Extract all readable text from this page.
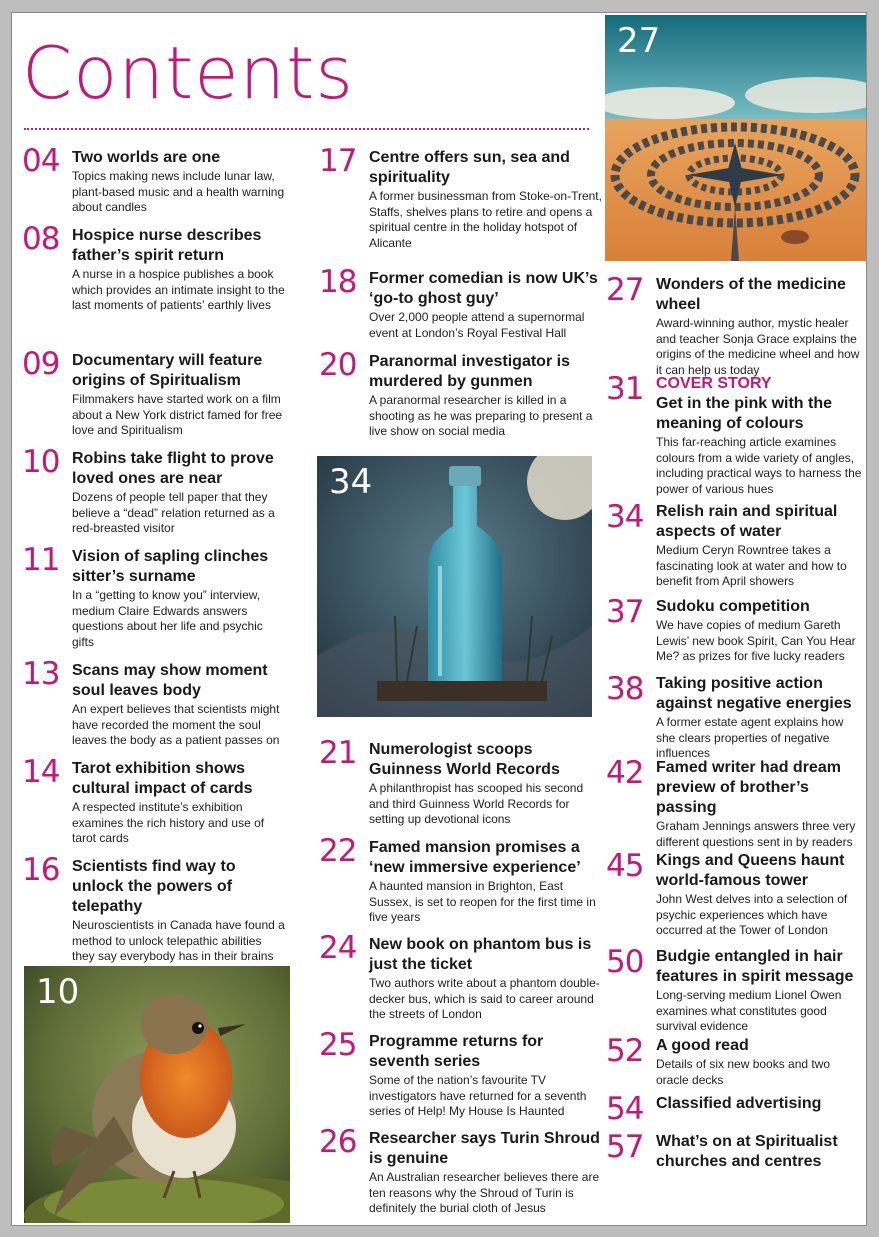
Contents
04 Two worlds are one
Topics making news include lunar law, plant-based music and a health warning about candles
08 Hospice nurse describes father’s spirit return
A nurse in a hospice publishes a book which provides an intimate insight to the last moments of patients’ earthly lives
09 Documentary will feature origins of Spiritualism
Filmmakers have started work on a film about a New York district famed for free love and Spiritualism
10 Robins take flight to prove loved ones are near
Dozens of people tell paper that they believe a “dead” relation returned as a red-breasted visitor
11 Vision of sapling clinches sitter’s surname
In a “getting to know you” interview, medium Claire Edwards answers questions about her life and psychic gifts
13 Scans may show moment soul leaves body
An expert believes that scientists might have recorded the moment the soul leaves the body as a patient passes on
14 Tarot exhibition shows cultural impact of cards
A respected institute’s exhibition examines the rich history and use of tarot cards
16 Scientists find way to unlock the powers of telepathy
Neuroscientists in Canada have found a method to unlock telepathic abilities they say everybody has in their brains
10
17 Centre offers sun, sea and spirituality
A former businessman from Stoke-on-Trent, Staffs, shelves plans to retire and opens a spiritual centre in the holiday hotspot of Alicante
18 Former comedian is now UK’s ‘go-to ghost guy’
Over 2,000 people attend a supernormal event at London’s Royal Festival Hall
20 Paranormal investigator is murdered by gunmen
A paranormal researcher is killed in a shooting as he was preparing to present a live show on social media
34
21 Numerologist scoops Guinness World Records
A philanthropist has scooped his second and third Guinness World Records for setting up devotional icons
22 Famed mansion promises a ‘new immersive experience’
A haunted mansion in Brighton, East Sussex, is set to reopen for the first time in five years
24 New book on phantom bus is just the ticket
Two authors write about a phantom double-decker bus, which is said to career around the streets of London
25 Programme returns for seventh series
Some of the nation’s favourite TV investigators have returned for a seventh series of Help! My House Is Haunted
26 Researcher says Turin Shroud is genuine
An Australian researcher believes there are ten reasons why the Shroud of Turin is definitely the burial cloth of Jesus
27
27 Wonders of the medicine wheel
Award-winning author, mystic healer and teacher Sonja Grace explains the origins of the medicine wheel and how it can help us today
31 COVER STORY
Get in the pink with the meaning of colours
This far-reaching article examines colours from a wide variety of angles, including practical ways to harness the power of various hues
34 Relish rain and spiritual aspects of water
Medium Ceryn Rowntree takes a fascinating look at water and how to benefit from April showers
37 Sudoku competition
We have copies of medium Gareth Lewis’ new book Spirit, Can You Hear Me? as prizes for five lucky readers
38 Taking positive action against negative energies
A former estate agent explains how she clears properties of negative influences
42 Famed writer had dream preview of brother’s passing
Graham Jennings answers three very different questions sent in by readers
45 Kings and Queens haunt world-famous tower
John West delves into a selection of psychic experiences which have occurred at the Tower of London
50 Budgie entangled in hair features in spirit message
Long-serving medium Lionel Owen examines what constitutes good survival evidence
52 A good read
Details of six new books and two oracle decks
54 Classified advertising
57 What’s on at Spiritualist churches and centres
